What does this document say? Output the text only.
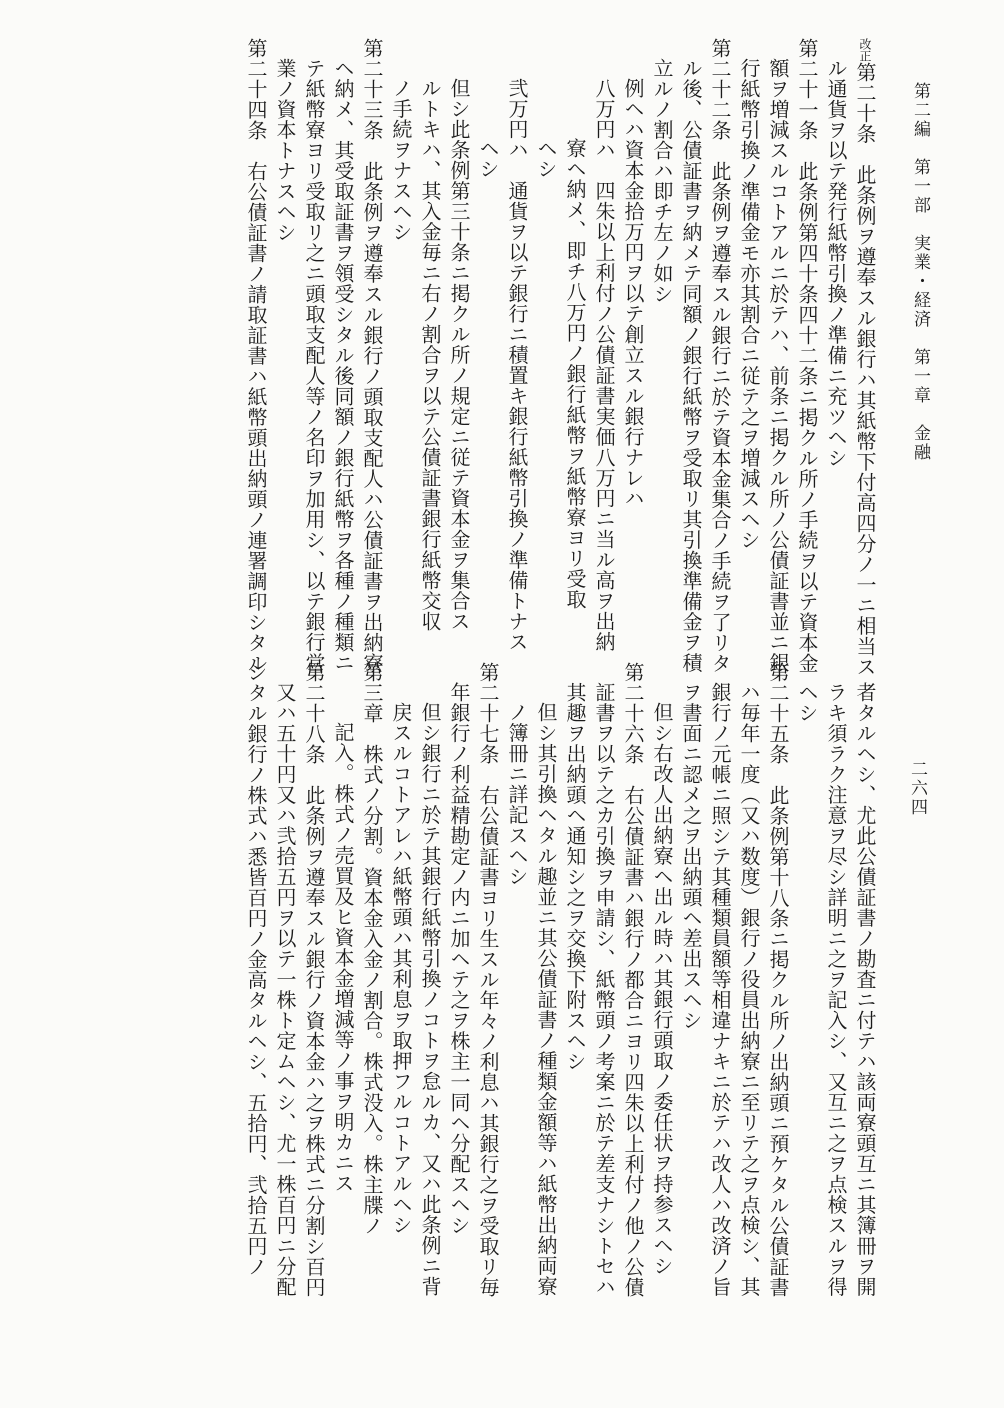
第二編　第一部　実業・経済　第一章　金融
二六四
改正第二十条　此条例ヲ遵奉スル銀行ハ其紙幣下付高四分ノ一ニ相当ス
ル通貨ヲ以テ発行紙幣引換ノ準備ニ充ツヘシ
第二十一条　此条例第四十条四十二条ニ掲クル所ノ手続ヲ以テ資本金
額ヲ増減スルコトアルニ於テハ、前条ニ掲クル所ノ公債証書並ニ銀
行紙幣引換ノ準備金モ亦其割合ニ従テ之ヲ増減スヘシ
第二十二条　此条例ヲ遵奉スル銀行ニ於テ資本金集合ノ手続ヲ了リタ
ル後、公債証書ヲ納メテ同額ノ銀行紙幣ヲ受取リ其引換準備金ヲ積
立ルノ割合ハ即チ左ノ如シ
例ヘハ資本金拾万円ヲ以テ創立スル銀行ナレハ
八万円ハ　四朱以上利付ノ公債証書実価八万円ニ当ル高ヲ出納
寮ヘ納メ、即チ八万円ノ銀行紙幣ヲ紙幣寮ヨリ受取
ヘシ
弐万円ハ　通貨ヲ以テ銀行ニ積置キ銀行紙幣引換ノ準備トナス
ヘシ
但シ此条例第三十条ニ掲クル所ノ規定ニ従テ資本金ヲ集合ス
ルトキハ、其入金毎ニ右ノ割合ヲ以テ公債証書銀行紙幣交収
ノ手続ヲナスヘシ
第二十三条　此条例ヲ遵奉スル銀行ノ頭取支配人ハ公債証書ヲ出納寮
ヘ納メ、其受取証書ヲ領受シタル後同額ノ銀行紙幣ヲ各種ノ種類ニ
テ紙幣寮ヨリ受取リ之ニ頭取支配人等ノ名印ヲ加用シ、以テ銀行営
業ノ資本トナスヘシ
第二十四条　右公債証書ノ請取証書ハ紙幣頭出納頭ノ連署調印シタル
者タルヘシ、尤此公債証書ノ勘査ニ付テハ該両寮頭互ニ其簿冊ヲ開
ラキ須ラク注意ヲ尽シ詳明ニ之ヲ記入シ、又互ニ之ヲ点検スルヲ得
ヘシ
第二十五条　此条例第十八条ニ掲クル所ノ出納頭ニ預ケタル公債証書
ハ毎年一度（又ハ数度）銀行ノ役員出納寮ニ至リテ之ヲ点検シ、其
銀行ノ元帳ニ照シテ其種類員額等相違ナキニ於テハ改人ハ改済ノ旨
ヲ書面ニ認メ之ヲ出納頭ヘ差出スヘシ
但シ右改人出納寮ヘ出ル時ハ其銀行頭取ノ委任状ヲ持参スヘシ
第二十六条　右公債証書ハ銀行ノ都合ニヨリ四朱以上利付ノ他ノ公債
証書ヲ以テ之カ引換ヲ申請シ、紙幣頭ノ考案ニ於テ差支ナシトセハ
其趣ヲ出納頭ヘ通知シ之ヲ交換下附スヘシ
但シ其引換ヘタル趣並ニ其公債証書ノ種類金額等ハ紙幣出納両寮
ノ簿冊ニ詳記スヘシ
第二十七条　右公債証書ヨリ生スル年々ノ利息ハ其銀行之ヲ受取リ毎
年銀行ノ利益精勘定ノ内ニ加ヘテ之ヲ株主一同ヘ分配スヘシ
但シ銀行ニ於テ其銀行紙幣引換ノコトヲ怠ルカ、又ハ此条例ニ背
戻スルコトアレハ紙幣頭ハ其利息ヲ取押フルコトアルヘシ
第三章　株式ノ分割。資本金入金ノ割合。株式没入。株主牒ノ
記入。株式ノ売買及ヒ資本金増減等ノ事ヲ明カニス
第二十八条　此条例ヲ遵奉スル銀行ノ資本金ハ之ヲ株式ニ分割シ百円
又ハ五十円又ハ弐拾五円ヲ以テ一株ト定ムヘシ、尤一株百円ニ分配
シタル銀行ノ株式ハ悉皆百円ノ金高タルヘシ、五拾円、弐拾五円ノ
